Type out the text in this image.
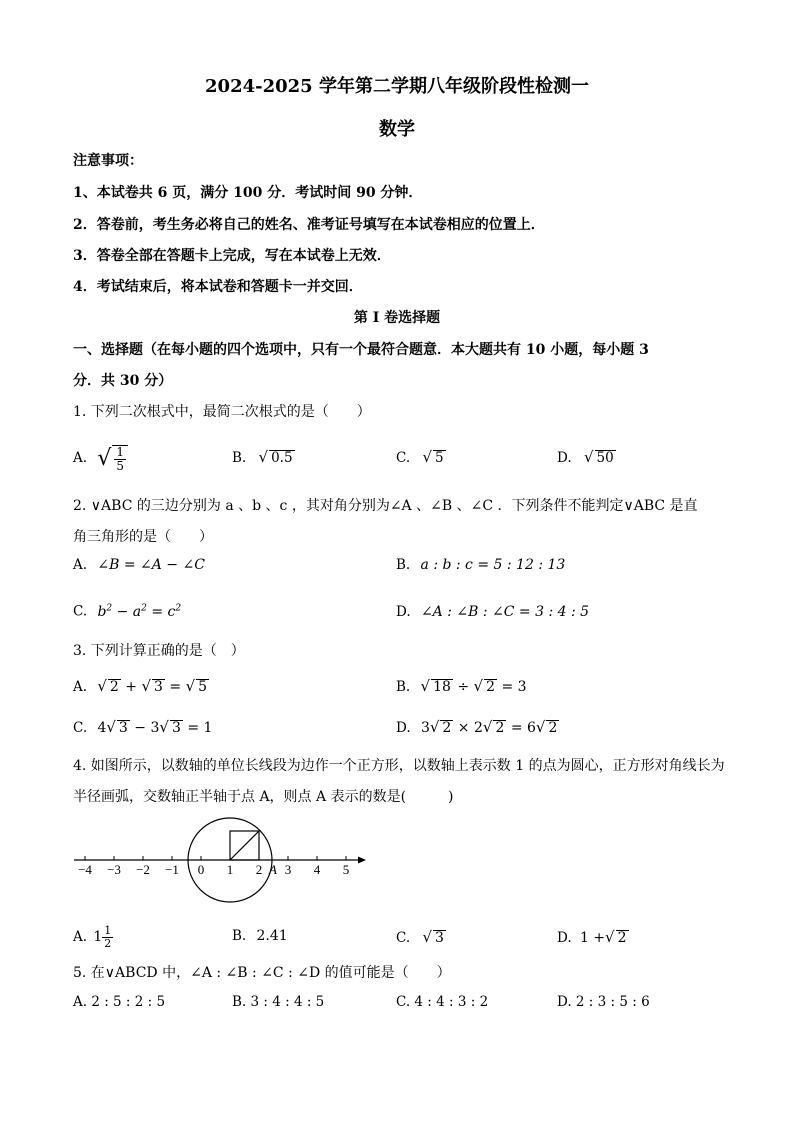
2024-2025 学年第二学期八年级阶段性检测一
数学
注意事项：
1、本试卷共 6 页，满分 100 分．考试时间 90 分钟．
2．答卷前，考生务必将自己的姓名、准考证号填写在本试卷相应的位置上．
3．答卷全部在答题卡上完成，写在本试卷上无效．
4．考试结束后，将本试卷和答题卡一并交回．
第 I 卷选择题
一、选择题（在每小题的四个选项中，只有一个最符合题意．本大题共有 10 小题，每小题 3
分．共 30 分）
1. 下列二次根式中，最简二次根式的是（　　）
A. √ $\frac{1}{5}$	B. √ 0.5	C. √ 5	D. √ 50
2. ∨ABC 的三边分别为 a 、b 、c ，其对角分别为∠A 、∠B 、∠C ．下列条件不能判定∨ABC 是直
角三角形的是（　　）
A. ∠B = ∠A − ∠C	B. a : b : c = 5 : 12 : 13
C. $b^2 - a^2 = c^2$	D. ∠A : ∠B : ∠C = 3 : 4 : 5
3. 下列计算正确的是（　）
A. √ 2 + √ 3 = √ 5	B. √ 18 ÷ √ 2 = 3
C. 4√ 3 − 3√ 3 = 1	D. 3√ 2 × 2√ 2 = 6√ 2
4. 如图所示，以数轴的单位长线段为边作一个正方形，以数轴上表示数 1 的点为圆心，正方形对角线长为
半径画弧，交数轴正半轴于点 A，则点 A 表示的数是(　　　)
−4 −3 −2 −1 0 1 2 A 3 4 5
A. $1 \frac{1}{2}$	B. 2.41	C. √ 3	D. 1 +√ 2
5. 在∨ABCD 中，∠A : ∠B : ∠C : ∠D 的值可能是（　　）
A. 2 : 5 : 2 : 5	B. 3 : 4 : 4 : 5	C. 4 : 4 : 3 : 2	D. 2 : 3 : 5 : 6
